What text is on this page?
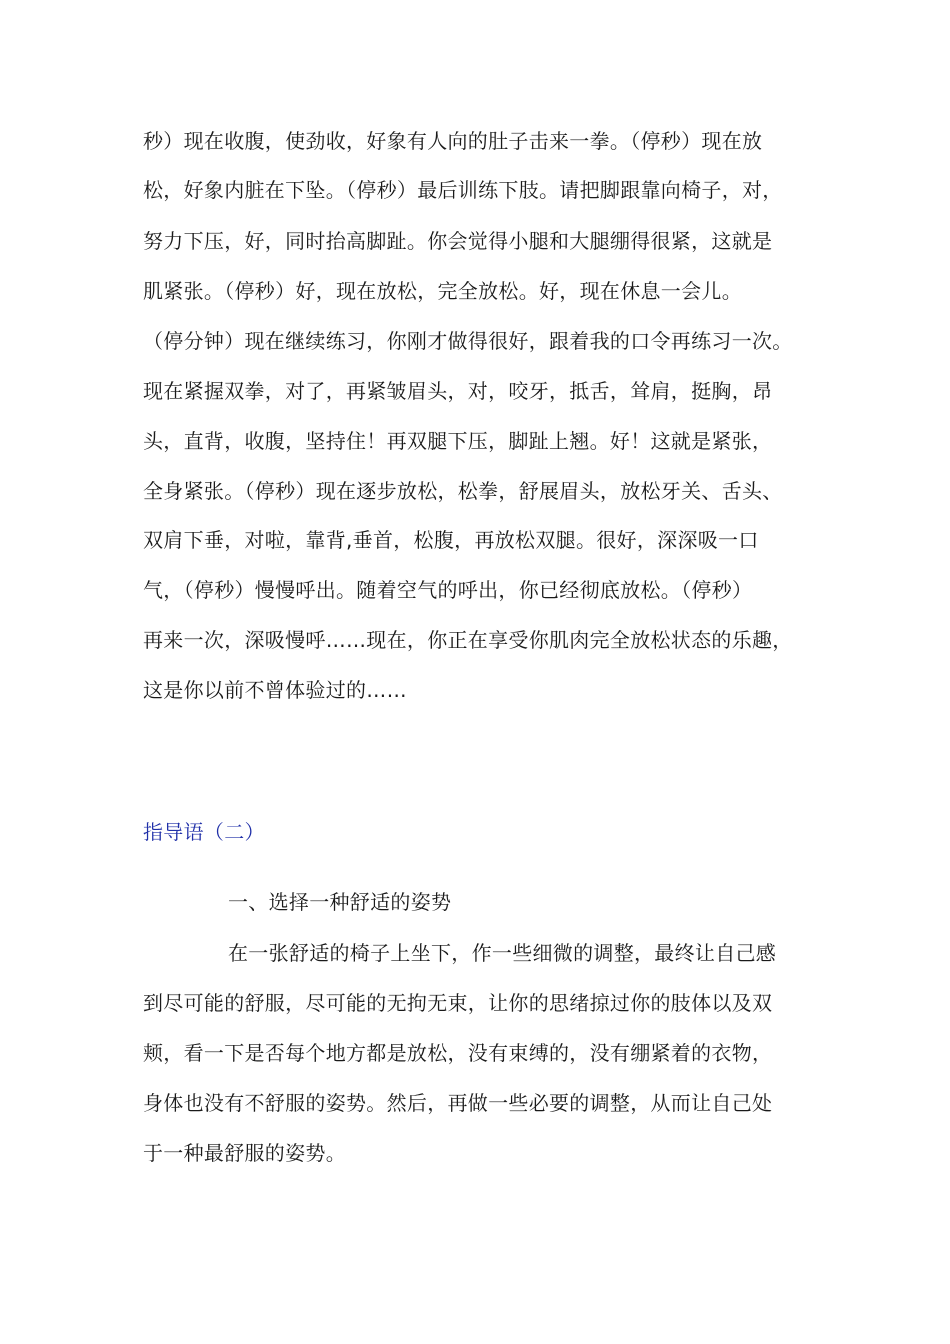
秒）现在收腹，使劲收，好象有人向的肚子击来一拳。（停秒）现在放
松，好象内脏在下坠。（停秒）最后训练下肢。请把脚跟靠向椅子，对，
努力下压，好，同时抬高脚趾。你会觉得小腿和大腿绷得很紧，这就是
肌紧张。（停秒）好，现在放松，完全放松。好，现在休息一会儿。
（停分钟）现在继续练习，你刚才做得很好，跟着我的口令再练习一次。
现在紧握双拳，对了，再紧皱眉头，对，咬牙，抵舌，耸肩，挺胸，昂
头，直背，收腹，坚持住！再双腿下压，脚趾上翘。好！这就是紧张，
全身紧张。（停秒）现在逐步放松，松拳，舒展眉头，放松牙关、舌头、
双肩下垂，对啦，靠背,垂首，松腹，再放松双腿。很好，深深吸一口
气，（停秒）慢慢呼出。随着空气的呼出，你已经彻底放松。（停秒）
再来一次，深吸慢呼……现在，你正在享受你肌肉完全放松状态的乐趣，
这是你以前不曾体验过的……
指导语（二）
一、选择一种舒适的姿势
在一张舒适的椅子上坐下，作一些细微的调整，最终让自己感
到尽可能的舒服，尽可能的无拘无束，让你的思绪掠过你的肢体以及双
颊，看一下是否每个地方都是放松，没有束缚的，没有绷紧着的衣物，
身体也没有不舒服的姿势。然后，再做一些必要的调整，从而让自己处
于一种最舒服的姿势。
